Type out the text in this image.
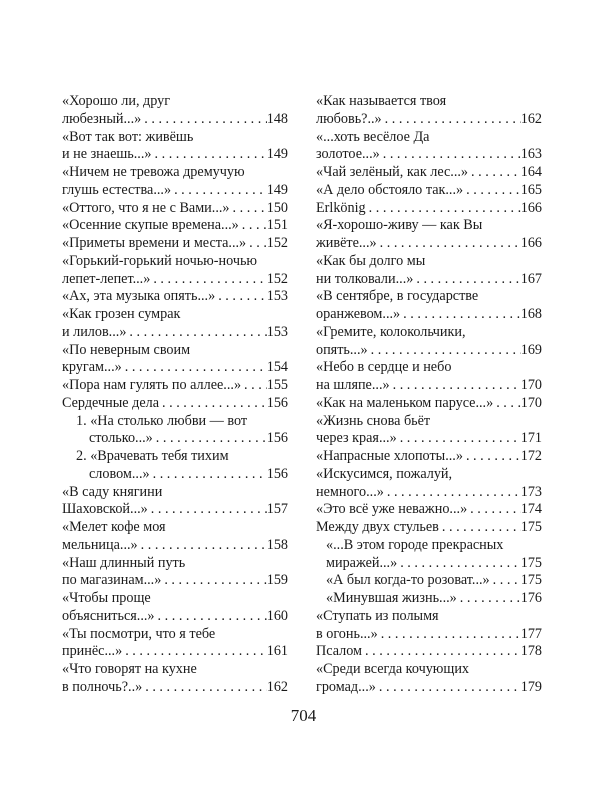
«Хорошо ли, друг
любезный...» . . .	148
«Вот так вот: живёшь
и не знаешь...» . . .	149
«Ничем не тревожа дремучую
глушь естества...» . . .	149
«Оттого, что я не с Вами...» . . .	150
«Осенние скупые времена...» . . . 151
«Приметы времени и места...» . . . 152
«Горький-горький ночью-ночью
лепет-лепет...» . . .	152
«Ах, эта музыка опять...» . . .	153
«Как грозен сумрак
и лилов...» . . .	153
«По неверным своим
кругам...» . . .	154
«Пора нам гулять по аллее...» . . . 155
Сердечные дела . . .	156
1. «На столько любви — вот
столько...» . . .	156
2. «Врачевать тебя тихим
словом...» . . .	156
«В саду княгини
Шаховской...» . . .	157
«Мелет кофе моя
мельница...» . . .	158
«Наш длинный путь
по магазинам...» . . .	159
«Чтобы проще
объясниться...» . . .	160
«Ты посмотри, что я тебе
принёс...» . . .	161
«Что говорят на кухне
в полночь?..» . . .	162
«Как называется твоя
любовь?..» . . .	162
«...хоть весёлое Да
золотое...» . . .	163
«Чай зелёный, как лес...» . . .	164
«А дело обстояло так...» . . .	165
Erlkönig . . .	166
«Я-хорошо-живу — как Вы
живёте...» . . .	166
«Как бы долго мы
ни толковали...» . . .	167
«В сентябре, в государстве
оранжевом...» . . .	168
«Гремите, колокольчики,
опять...» . . .	169
«Небо в сердце и небо
на шляпе...» . . .	170
«Как на маленьком парусе...» . . . 170
«Жизнь снова бьёт
через края...» . . .	171
«Напрасные хлопоты...» . . .	172
«Искусимся, пожалуй,
немного...» . . .	173
«Это всё уже неважно...» . . .	174
Между двух стульев . . .	175
«...В этом городе прекрасных
миражей...» . . .	175
«А был когда-то розоват...» . . . 175
«Минувшая жизнь...» . . .	176
«Ступать из полымя
в огонь...» . . .	177
Псалом . . .	178
«Среди всегда кочующих
громад...» . . .	179
704
